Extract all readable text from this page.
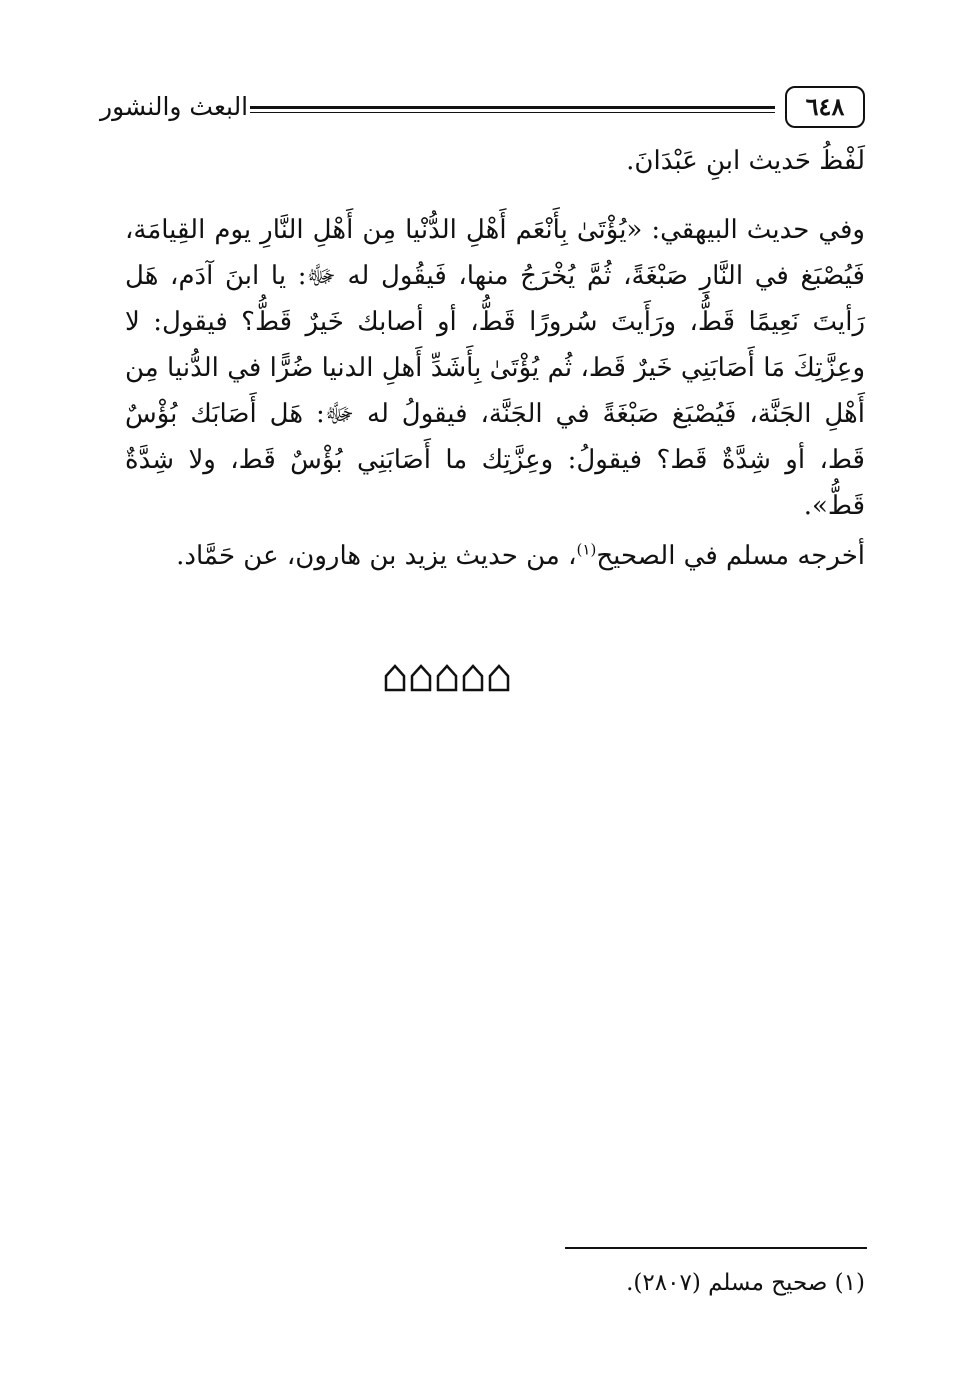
البعث والنشور	٦٤٨
لَفْظُ حَديث ابنِ عَبْدَانَ.
وفي حديث البيهقي: «يُؤْتَىٰ بِأَنْعَم أَهْلِ الدُّنْيا مِن أَهْلِ النَّارِ يوم القِيامَة، فَيُصْبَغ في النَّارِ صَبْغَةً، ثُمَّ يُخْرَجُ منها، فَيقُول له ﷻ: يا ابنَ آدَم، هَل رَأيتَ نَعِيمًا قَطُّ، ورَأَيتَ سُرورًا قَطُّ، أو أصابك خَيرٌ قَطُّ؟ فيقول: لا وعِزَّتِكَ مَا أَصَابَنِي خَيرٌ قَط، ثُم يُؤْتَىٰ بِأَشَدِّ أَهلِ الدنيا ضُرًّا في الدُّنيا مِن أَهْلِ الجَنَّة، فَيُصْبَغ صَبْغَةً في الجَنَّة، فيقولُ له ﷻ: هَل أَصَابَك بُؤْسٌ قَط، أو شِدَّةٌ قَط؟ فيقولُ: وعِزَّتِك ما أَصَابَنِي بُؤْسٌ قَط، ولا شِدَّةٌ قَطُّ».
أخرجه مسلم في الصحيح$^{(١)}$، من حديث يزيد بن هارون، عن حَمَّاد.
(١) صحيح مسلم (٢٨٠٧).
